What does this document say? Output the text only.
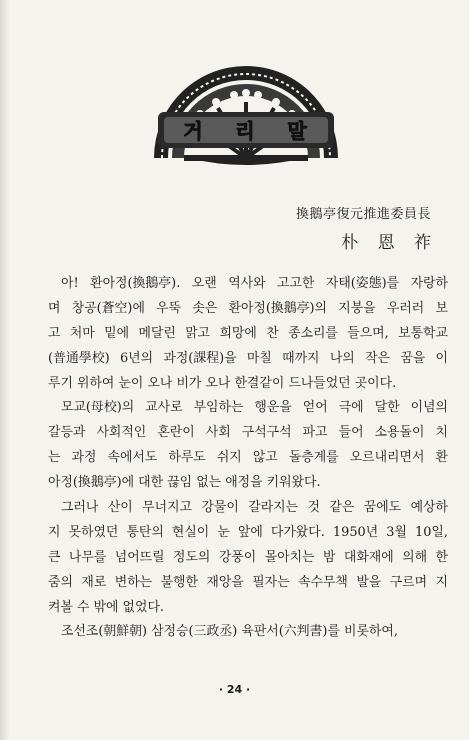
거 리 말
換鵝亭復元推進委員長
朴 恩 祚
아! 환아정(換鵝亭). 오랜 역사와 고고한 자태(姿態)를 자랑하
며 창공(蒼空)에 우뚝 솟은 환아정(換鵝亭)의 지붕을 우러러 보
고 처마 밑에 메달린 맑고 희망에 찬 종소리를 들으며, 보통학교
(普通學校) 6년의 과정(課程)을 마칠 때까지 나의 작은 꿈을 이
루기 위하여 눈이 오나 비가 오나 한결같이 드나들었던 곳이다.
모교(母校)의 교사로 부임하는 행운을 얻어 극에 달한 이념의
갈등과 사회적인 혼란이 사회 구석구석 파고 들어 소용돌이 치
는 과정 속에서도 하루도 쉬지 않고 돌층계를 오르내리면서 환
아정(換鵝亭)에 대한 끊임 없는 애정을 키워왔다.
그러나 산이 무너지고 강물이 갈라지는 것 같은 꿈에도 예상하
지 못하였던 통탄의 현실이 눈 앞에 다가왔다. 1950년 3월 10일,
큰 나무를 넘어뜨릴 정도의 강풍이 몰아치는 밤 대화재에 의해 한
줌의 재로 변하는 불행한 재앙을 필자는 속수무책 발을 구르며 지
켜볼 수 밖에 없었다.
조선조(朝鮮朝) 삼정승(三政丞) 육판서(六判書)를 비롯하여,
· 24 ·
